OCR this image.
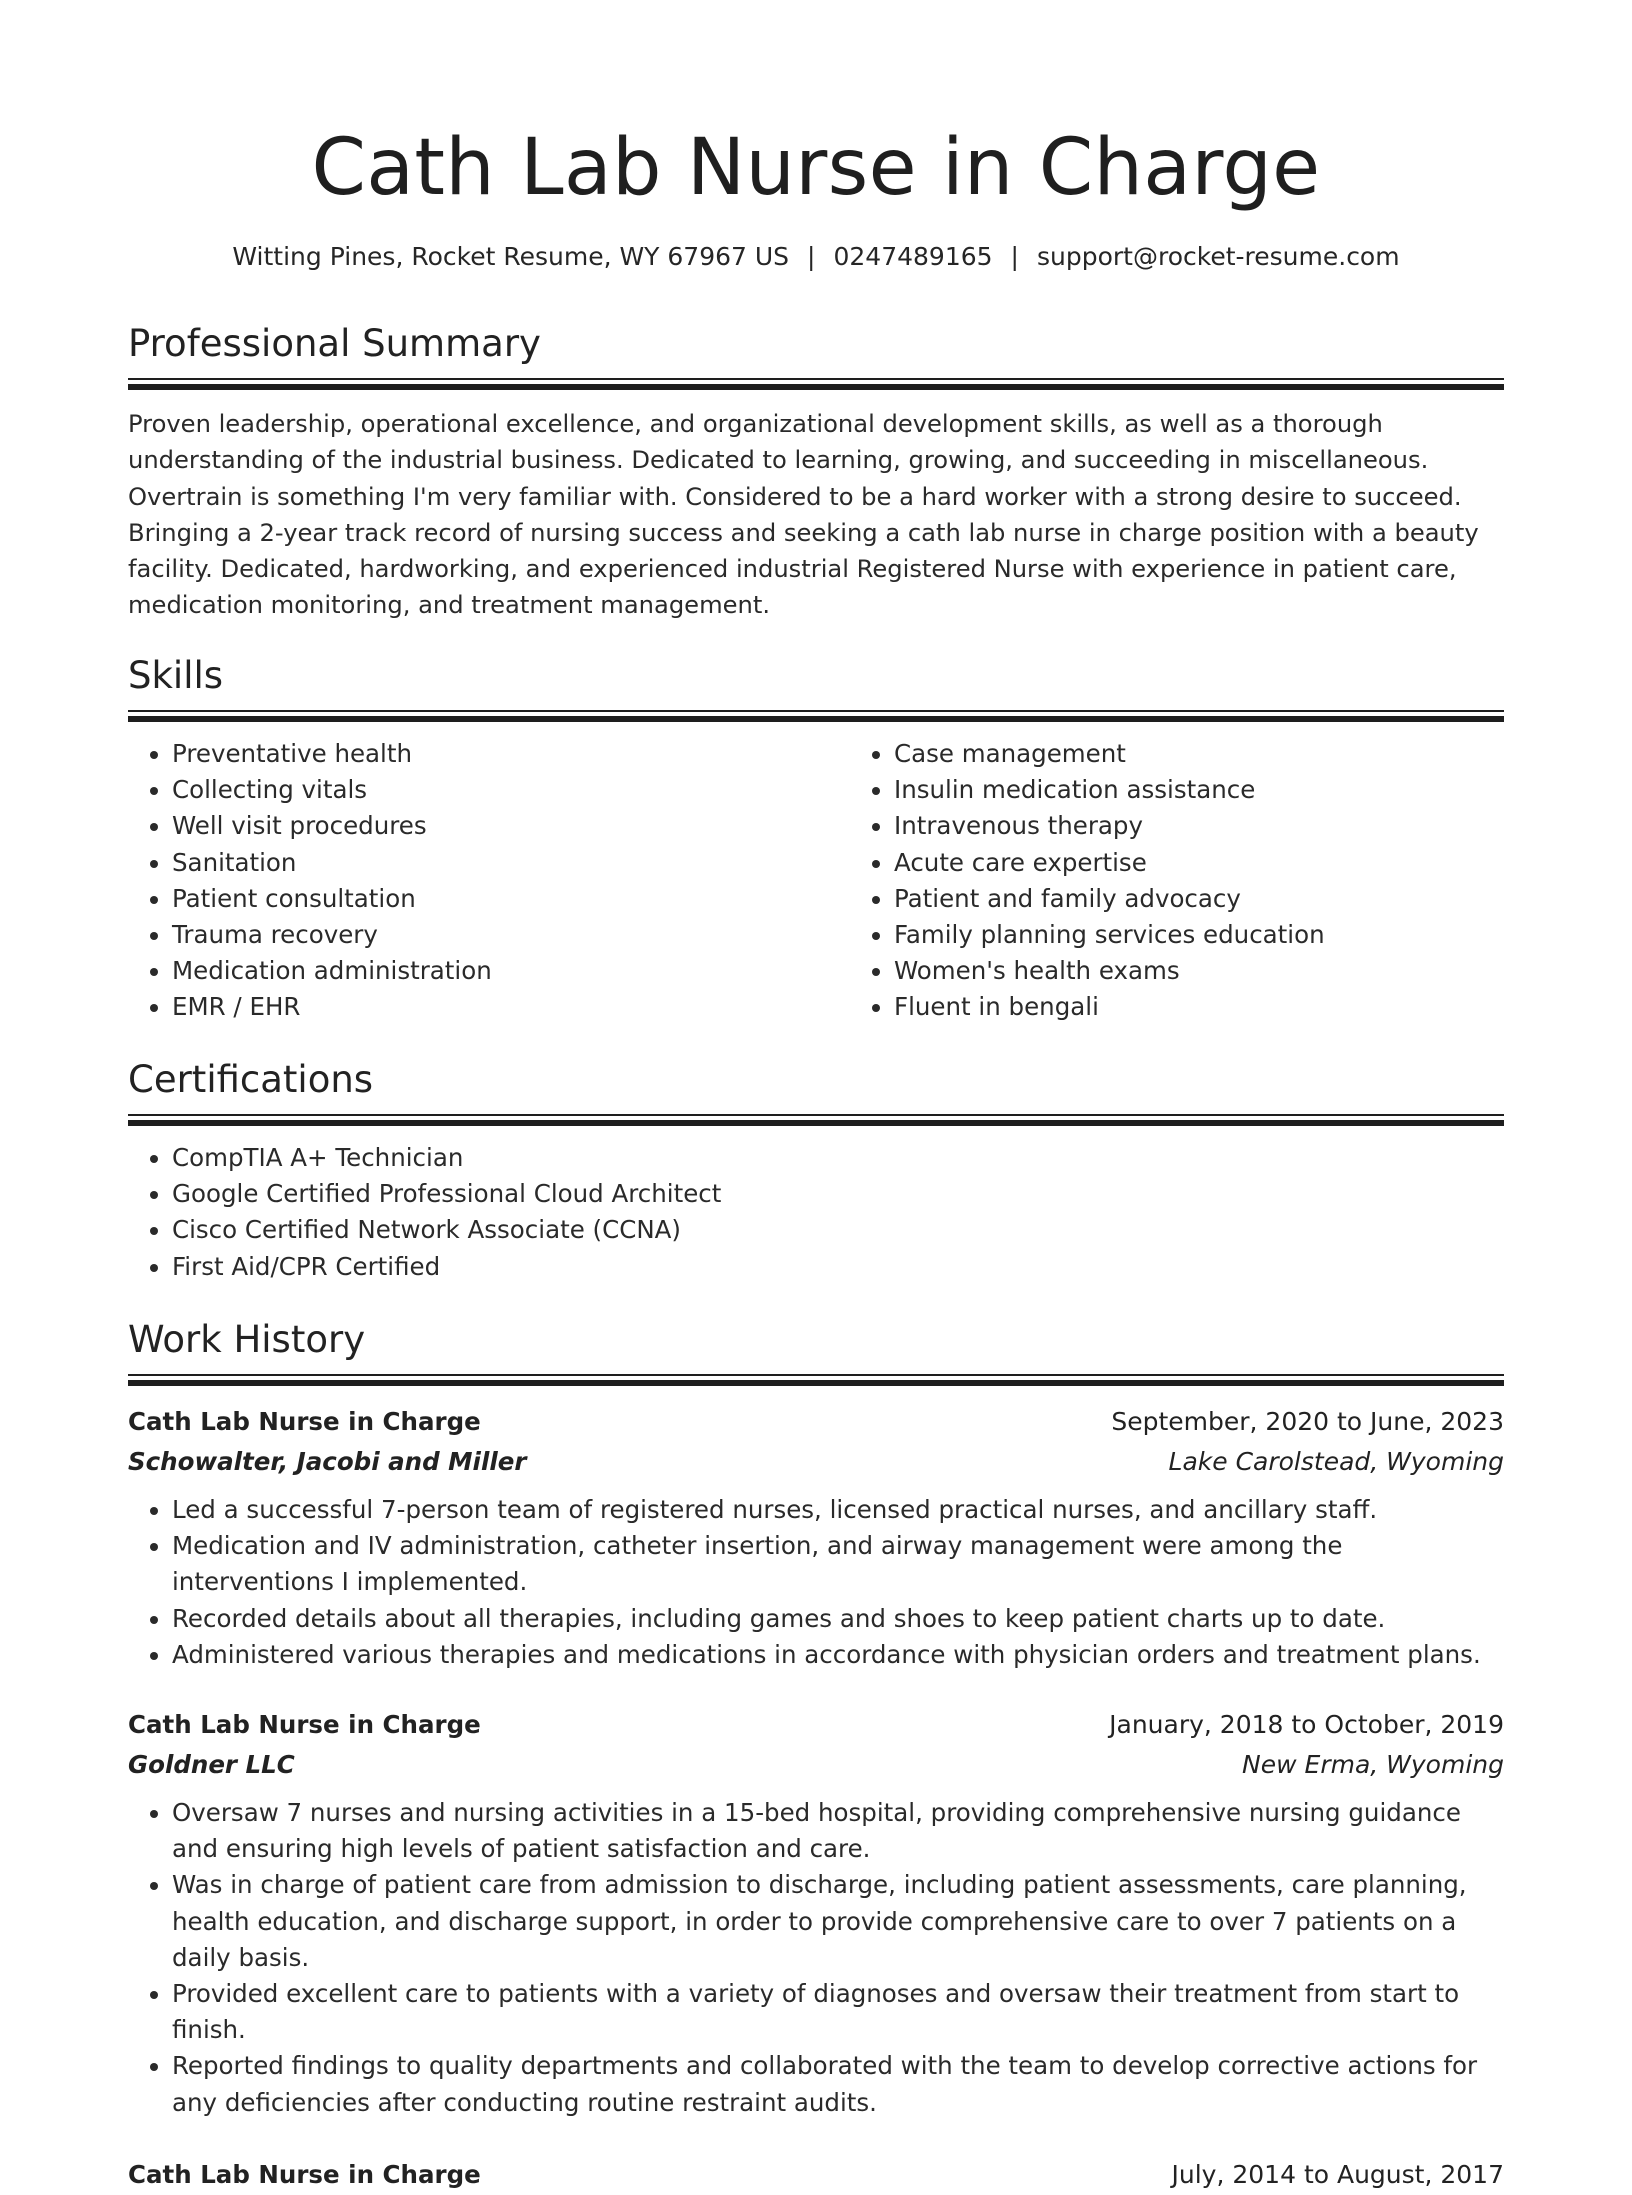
Cath Lab Nurse in Charge
Witting Pines, Rocket Resume, WY 67967 US | 0247489165 | support@rocket-resume.com
Professional Summary

Proven leadership, operational excellence, and organizational development skills, as well as a thorough understanding of the industrial business. Dedicated to learning, growing, and succeeding in miscellaneous. Overtrain is something I'm very familiar with. Considered to be a hard worker with a strong desire to succeed. Bringing a 2-year track record of nursing success and seeking a cath lab nurse in charge position with a beauty facility. Dedicated, hardworking, and experienced industrial Registered Nurse with experience in patient care, medication monitoring, and treatment management.

Skills
• Preventative health
• Collecting vitals
• Well visit procedures
• Sanitation
• Patient consultation
• Trauma recovery
• Medication administration
• EMR / EHR
• Case management
• Insulin medication assistance
• Intravenous therapy
• Acute care expertise
• Patient and family advocacy
• Family planning services education
• Women's health exams
• Fluent in bengali
Certifications
• CompTIA A+ Technician
• Google Certified Professional Cloud Architect
• Cisco Certified Network Associate (CCNA)
• First Aid/CPR Certified
Work History
Cath Lab Nurse in Charge	September, 2020 to June, 2023
Schowalter, Jacobi and Miller	Lake Carolstead, Wyoming
• Led a successful 7-person team of registered nurses, licensed practical nurses, and ancillary staff.
• Medication and IV administration, catheter insertion, and airway management were among the interventions I implemented.
• Recorded details about all therapies, including games and shoes to keep patient charts up to date.
• Administered various therapies and medications in accordance with physician orders and treatment plans.
Cath Lab Nurse in Charge	January, 2018 to October, 2019
Goldner LLC	New Erma, Wyoming
• Oversaw 7 nurses and nursing activities in a 15-bed hospital, providing comprehensive nursing guidance and ensuring high levels of patient satisfaction and care.
• Was in charge of patient care from admission to discharge, including patient assessments, care planning, health education, and discharge support, in order to provide comprehensive care to over 7 patients on a daily basis.
• Provided excellent care to patients with a variety of diagnoses and oversaw their treatment from start to finish.
• Reported findings to quality departments and collaborated with the team to develop corrective actions for any deficiencies after conducting routine restraint audits.
Cath Lab Nurse in Charge	July, 2014 to August, 2017
